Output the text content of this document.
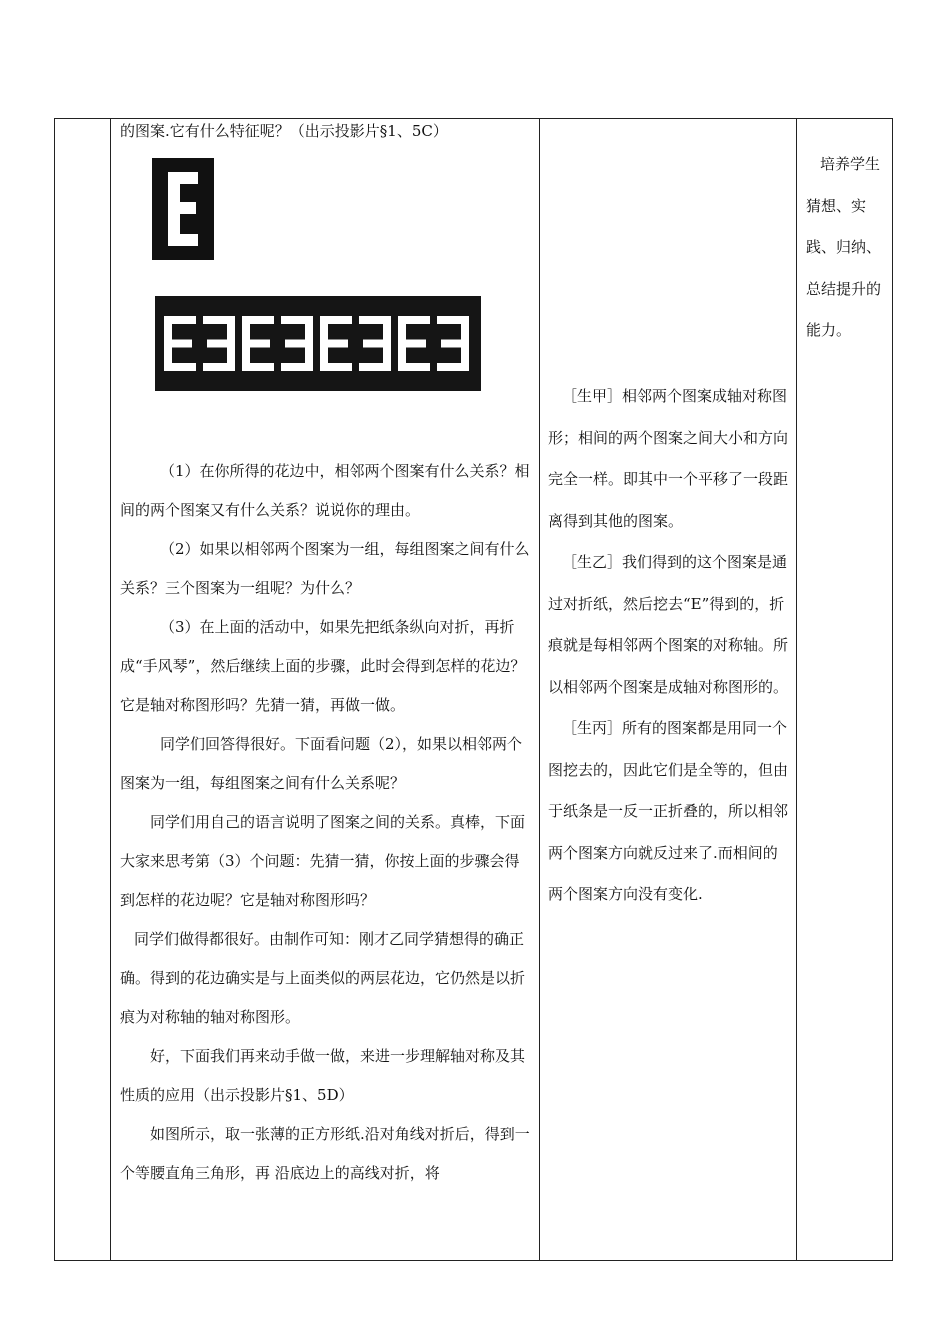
的图案.它有什么特征呢？（出示投影片§1、5C）

（1）在你所得的花边中，相邻两个图案有什么关系？相间的两个图案又有什么关系？说说你的理由。

（2）如果以相邻两个图案为一组，每组图案之间有什么关系？三个图案为一组呢？为什么？

（3）在上面的活动中，如果先把纸条纵向对折，再折成“手风琴”，然后继续上面的步骤，此时会得到怎样的花边？它是轴对称图形吗？先猜一猜，再做一做。

同学们回答得很好。下面看问题（2），如果以相邻两个图案为一组，每组图案之间有什么关系呢？

同学们用自己的语言说明了图案之间的关系。真棒，下面大家来思考第（3）个问题：先猜一猜，你按上面的步骤会得到怎样的花边呢？它是轴对称图形吗？

同学们做得都很好。由制作可知：刚才乙同学猜想得的确正确。得到的花边确实是与上面类似的两层花边，它仍然是以折痕为对称轴的轴对称图形。

好，下面我们再来动手做一做，来进一步理解轴对称及其性质的应用（出示投影片§1、5D）

如图所示，取一张薄的正方形纸.沿对角线对折后，得到一个等腰直角三角形，再 沿底边上的高线对折，将

［生甲］相邻两个图案成轴对称图形；相间的两个图案之间大小和方向完全一样。即其中一个平移了一段距离得到其他的图案。

［生乙］我们得到的这个图案是通过对折纸，然后挖去“E”得到的，折痕就是每相邻两个图案的对称轴。所以相邻两个图案是成轴对称图形的。

［生丙］所有的图案都是用同一个图挖去的，因此它们是全等的，但由于纸条是一反一正折叠的，所以相邻两个图案方向就反过来了.而相间的两个图案方向没有变化.

培养学生猜想、实践、归纳、总结提升的能力。
